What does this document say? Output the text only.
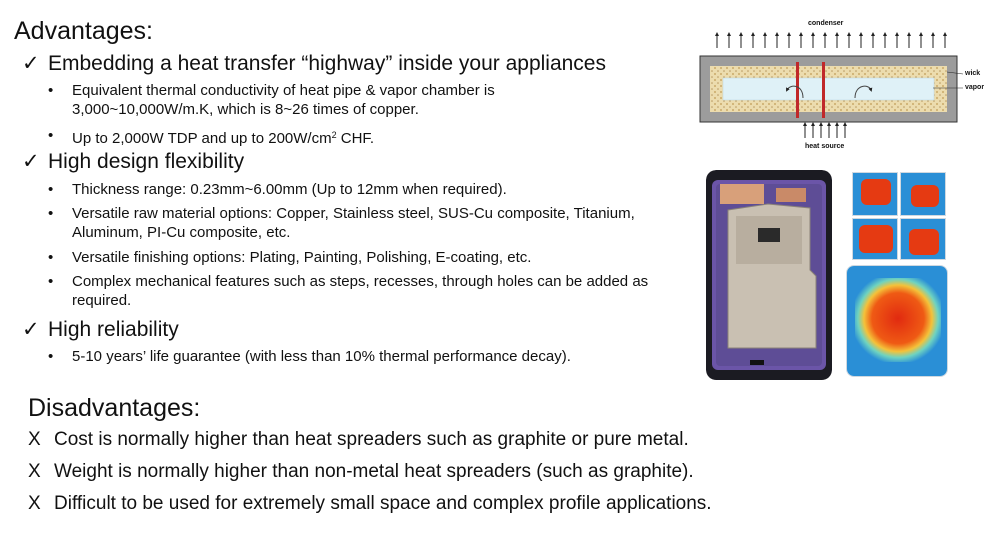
Advantages:
✓ Embedding a heat transfer “highway” inside your appliances
•	Equivalent thermal conductivity of heat pipe & vapor chamber is 3,000~10,000W/m.K, which is 8~26 times of copper.
•	Up to 2,000W TDP and up to $200W/cm^2$ CHF.
✓ High design flexibility
•	Thickness range: 0.23mm~6.00mm (Up to 12mm when required).
•	Versatile raw material options: Copper, Stainless steel, SUS-Cu composite, Titanium, Aluminum, PI-Cu composite, etc.
•	Versatile finishing options: Plating, Painting, Polishing, E-coating, etc.
•	Complex mechanical features such as steps, recesses, through holes can be added as required.
✓ High reliability
•	5-10 years’ life guarantee (with less than 10% thermal performance decay).
Disadvantages:
X Cost is normally higher than heat spreaders such as graphite or pure metal.
X Weight is normally higher than non-metal heat spreaders (such as graphite).
X Difficult to be used for extremely small space and complex profile applications.
condenser
heat source
wick
vapor
